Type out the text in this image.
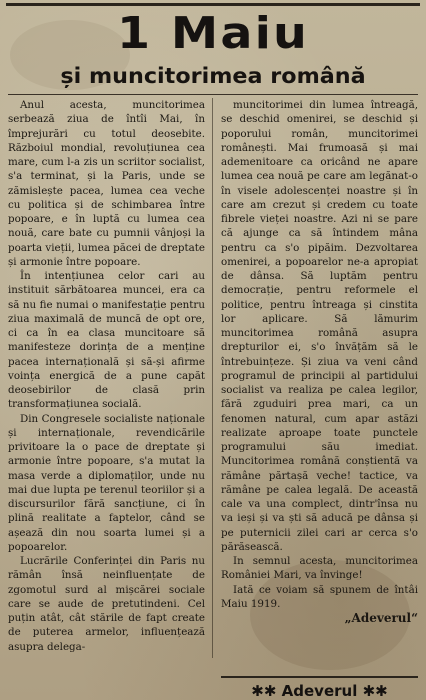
1 Maiu
și muncitorimea română

Anul acesta, muncitorimea serbează ziua de întîi Mai, în împrejurări cu totul deosebite. Războiul mondial, revoluțiunea cea mare, cum l-a zis un scriitor socialist, s'a terminat, și la Paris, unde se zămislește pacea, lumea cea veche cu politica și de schimbarea între popoare, e în luptă cu lumea cea nouă, care bate cu pumnii vânjoși la poarta vieții, lumea păcei de dreptate și armonie între popoare.

În intențiunea celor cari au instituit sărbătoarea muncei, era ca să nu fie numai o manifestație pentru ziua maximală de muncă de opt ore, ci ca în ea clasa muncitoare să manifesteze dorința de a menține pacea internațională și să-și afirme voința energică de a pune capăt deosebirilor de clasă prin transformațiunea socială.

Din Congresele socialiste naționale și internaționale, revendicările privitoare la o pace de dreptate și armonie între popoare, s'a mutat la masa verde a diplomaților, unde nu mai due lupta pe terenul teoriilor și a discursurilor fără sancțiune, ci în plină realitate a faptelor, când se așează din nou soarta lumei și a popoarelor.

Lucrările Conferinței din Paris nu rămân însă neinfluențate de zgomotul surd al mișcărei sociale care se aude de pretutindeni. Cel puțin atât, cât stările de fapt create de puterea armelor, influențează asupra delega-

muncitorimei din lumea întreagă, se deschid omenirei, se deschid și poporului român, muncitorimei românești. Mai frumoasă și mai ademenitoare ca oricând ne apare lumea cea nouă pe care am legănat-o în visele adolescenței noastre și în care am crezut și credem cu toate fibrele vieței noastre. Azi ni se pare că ajunge ca să întindem mâna pentru ca s'o pipăim. Dezvoltarea omenirei, a popoarelor ne-a apropiat de dânsa. Să luptăm pentru democrație, pentru reformele el politice, pentru întreaga și cinstita lor aplicare. Să lămurim muncitorimea română asupra drepturilor ei, s'o învățăm să le întrebuințeze. Și ziua va veni când programul de principii al partidului socialist va realiza pe calea legilor, fără zguduiri prea mari, ca un fenomen natural, cum apar astăzi realizate aproape toate punctele programului său imediat. Muncitorimea română conștientă va rămâne părtașă veche! tactice, va rămâne pe calea legală. De această cale va una complect, dintr'însa nu va ieși și va ști să aducă pe dânsa și pe puternicii zilei cari ar cerca s'o părăsească.

In semnul acesta, muncitorimea României Mari, va învinge!

Iată ce voiam să spunem de întâi Maiu 1919.

„Adeverul“

✱✱ Adeverul ✱✱
